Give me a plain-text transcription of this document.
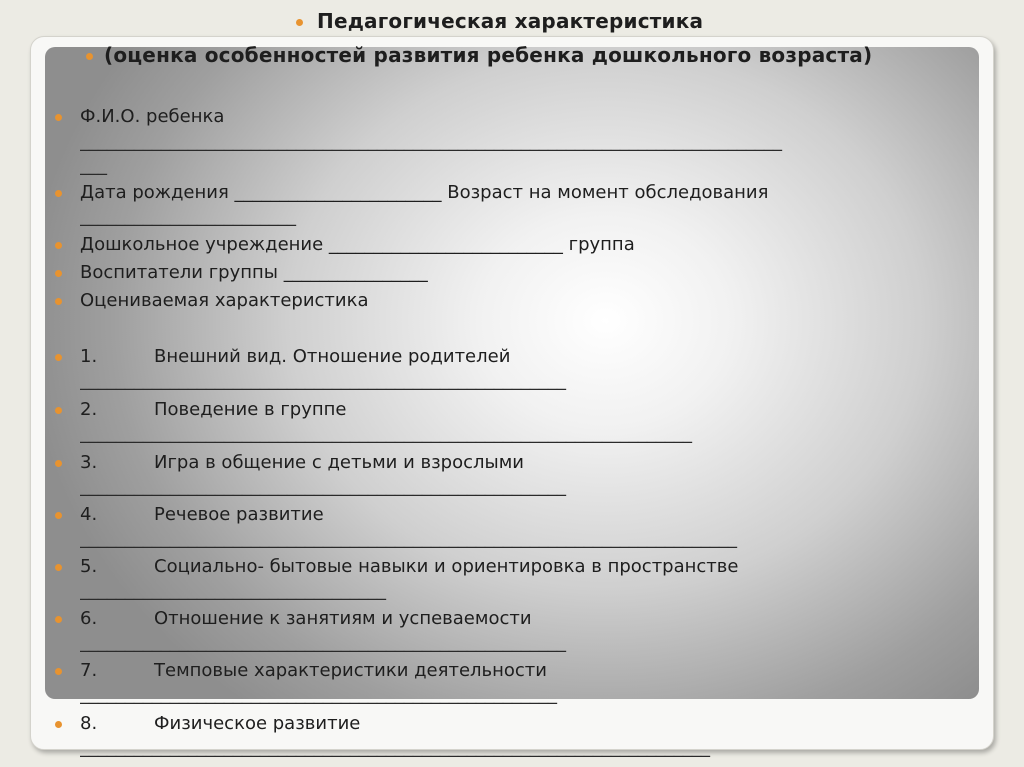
Педагогическая характеристика
(оценка особенностей развития ребенка дошкольного возраста)
Ф.И.О. ребенка
______________________________________________________________________________
___
Дата рождения _______________________ Возраст на момент обследования
________________________
Дошкольное учреждение __________________________ группа
Воспитатели группы ________________
Оцениваемая характеристика
1.	Внешний вид. Отношение родителей
______________________________________________________
2.	Поведение в группе
____________________________________________________________________
3.	Игра в общение с детьми и взрослыми
______________________________________________________
4.	Речевое развитие
_________________________________________________________________________
5.	Социально- бытовые навыки и ориентировка в пространстве
__________________________________
6.	Отношение к занятиям и успеваемости
______________________________________________________
7.	Темповые характеристики деятельности
_____________________________________________________
8.	Физическое развитие
______________________________________________________________________
